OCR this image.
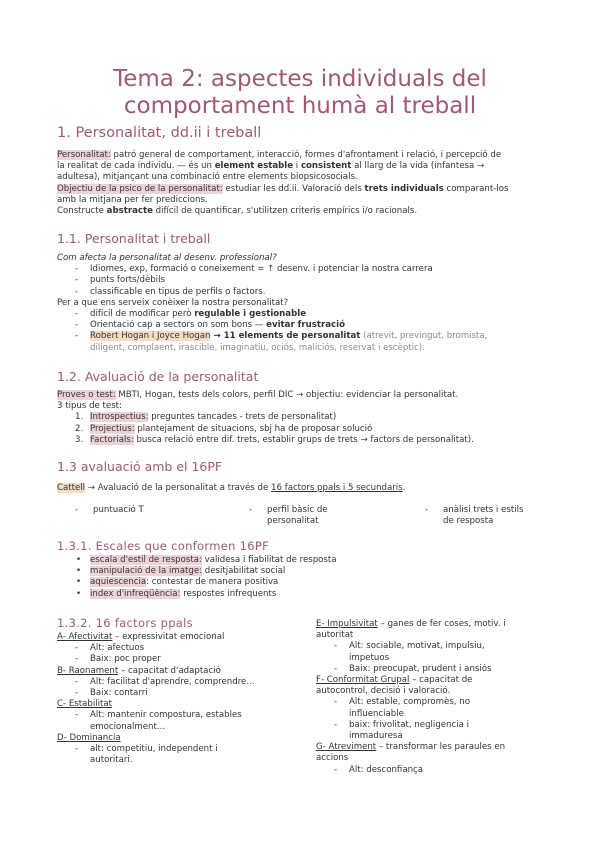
Tema 2: aspectes individuals del
comportament humà al treball
1. Personalitat, dd.ii i treball
Personalitat: patró general de comportament, interacció, formes d'afrontament i relació, i percepció de
la realitat de cada individu. — és un element estable i consistent al llarg de la vida (infantesa →
adultesa), mitjançant una combinació entre elements biopsicosocials.
Objectiu de la psico de la personalitat: estudiar les dd.ii. Valoració dels trets individuals comparant-los
amb la mitjana per fer prediccions.
Constructe abstracte difícil de quantificar, s'utilitzen criteris empírics i/o racionals.
1.1. Personalitat i treball
Com afecta la personalitat al desenv. professional?
- Idiomes, exp, formació o coneixement = ↑ desenv. i potenciar la nostra carrera
- punts forts/dèbils
- classificable en tipus de perfils o factors.
Per a que ens serveix conèixer la nostra personalitat?
- difícil de modificar però regulable i gestionable
- Orientació cap a sectors on som bons — evitar frustració
- Robert Hogan i Joyce Hogan → 11 elements de personalitat (atrevit, previngut, bromista,
diligent, complaent, irascible, imaginatiu, ociós, maliciós, reservat i escèptic).
1.2. Avaluació de la personalitat
Proves o test: MBTI, Hogan, tests dels colors, perfil DIC → objectiu: evidenciar la personalitat.
3 tipus de test:
1. Introspectius: preguntes tancades - trets de personalitat)
2. Projectius: plantejament de situacions, sbj ha de proposar solució
3. Factorials: busca relació entre dif. trets, establir grups de trets → factors de personalitat).
1.3 avaluació amb el 16PF
Cattell → Avaluació de la personalitat a través de 16 factors ppals i 5 secundaris.
- puntuació T	- perfil bàsic de
personalitat
- anàlisi trets i estils
de resposta
1.3.1. Escales que conformen 16PF
• escala d'estil de resposta: validesa i fiabilitat de resposta
• manipulació de la imatge: desitjabilitat social
• aquiescencia: contestar de manera positiva
• index d'infreqüència: respostes infrequents
1.3.2. 16 factors ppals
A- Afectivitat – expressivitat emocional
- Alt: afectuos
- Baix: poc proper
B- Raonament – capacitat d'adaptació
- Alt: facilitat d'aprendre, comprendre...
- Baix: contarri
C- Estabilitat
- Alt: mantenir compostura, estables
emocionalment...
D- Dominancia
- alt: competitiu, independent i
autoritari.
E- Impulsivitat – ganes de fer coses, motiv. i
autoritat
- Alt: sociable, motivat, impulsiu,
impetuos
- Baix: preocupat, prudent i ansiós
F- Conformitat Grupal – capacitat de
autocontrol, decisió i valoració.
- Alt: estable, compromès, no
influenciable
- baix: frivolitat, negligencia i
immaduresa
G- Atreviment – transformar les paraules en
accions
- Alt: desconfiança
